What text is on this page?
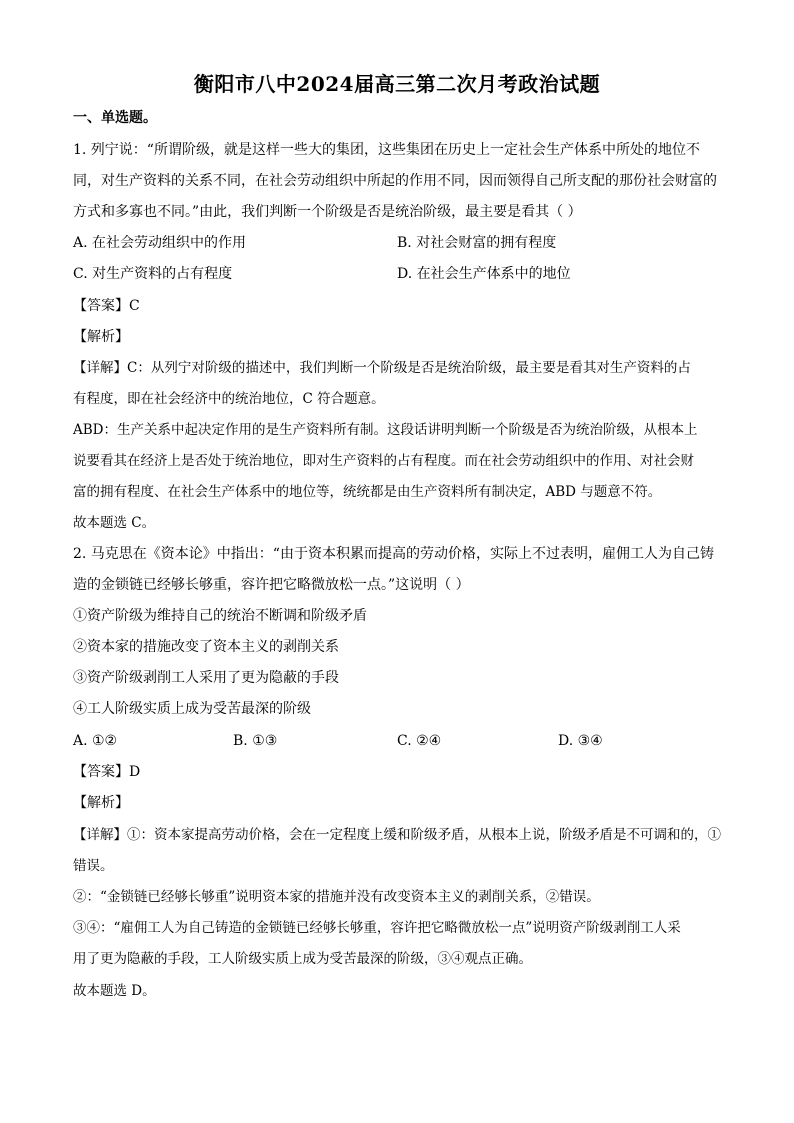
衡阳市八中2024届高三第二次月考政治试题
一、单选题。
1. 列宁说：“所谓阶级，就是这样一些大的集团，这些集团在历史上一定社会生产体系中所处的地位不
同，对生产资料的关系不同，在社会劳动组织中所起的作用不同，因而领得自己所支配的那份社会财富的
方式和多寡也不同。”由此，我们判断一个阶级是否是统治阶级，最主要是看其（ ）
A. 在社会劳动组织中的作用	B. 对社会财富的拥有程度
C. 对生产资料的占有程度	D. 在社会生产体系中的地位
【答案】C
【解析】
【详解】C：从列宁对阶级的描述中，我们判断一个阶级是否是统治阶级，最主要是看其对生产资料的占
有程度，即在社会经济中的统治地位，C 符合题意。
ABD：生产关系中起决定作用的是生产资料所有制。这段话讲明判断一个阶级是否为统治阶级，从根本上
说要看其在经济上是否处于统治地位，即对生产资料的占有程度。而在社会劳动组织中的作用、对社会财
富的拥有程度、在社会生产体系中的地位等，统统都是由生产资料所有制决定，ABD 与题意不符。
故本题选 C。
2. 马克思在《资本论》中指出：“由于资本积累而提高的劳动价格，实际上不过表明，雇佣工人为自己铸
造的金锁链已经够长够重，容许把它略微放松一点。”这说明（ ）
①资产阶级为维持自己的统治不断调和阶级矛盾
②资本家的措施改变了资本主义的剥削关系
③资产阶级剥削工人采用了更为隐蔽的手段
④工人阶级实质上成为受苦最深的阶级
A. ①②	B. ①③	C. ②④	D. ③④
【答案】D
【解析】
【详解】①：资本家提高劳动价格，会在一定程度上缓和阶级矛盾，从根本上说，阶级矛盾是不可调和的，①
错误。
②：“金锁链已经够长够重”说明资本家的措施并没有改变资本主义的剥削关系，②错误。
③④：“雇佣工人为自己铸造的金锁链已经够长够重，容许把它略微放松一点”说明资产阶级剥削工人采
用了更为隐蔽的手段，工人阶级实质上成为受苦最深的阶级，③④观点正确。
故本题选 D。
